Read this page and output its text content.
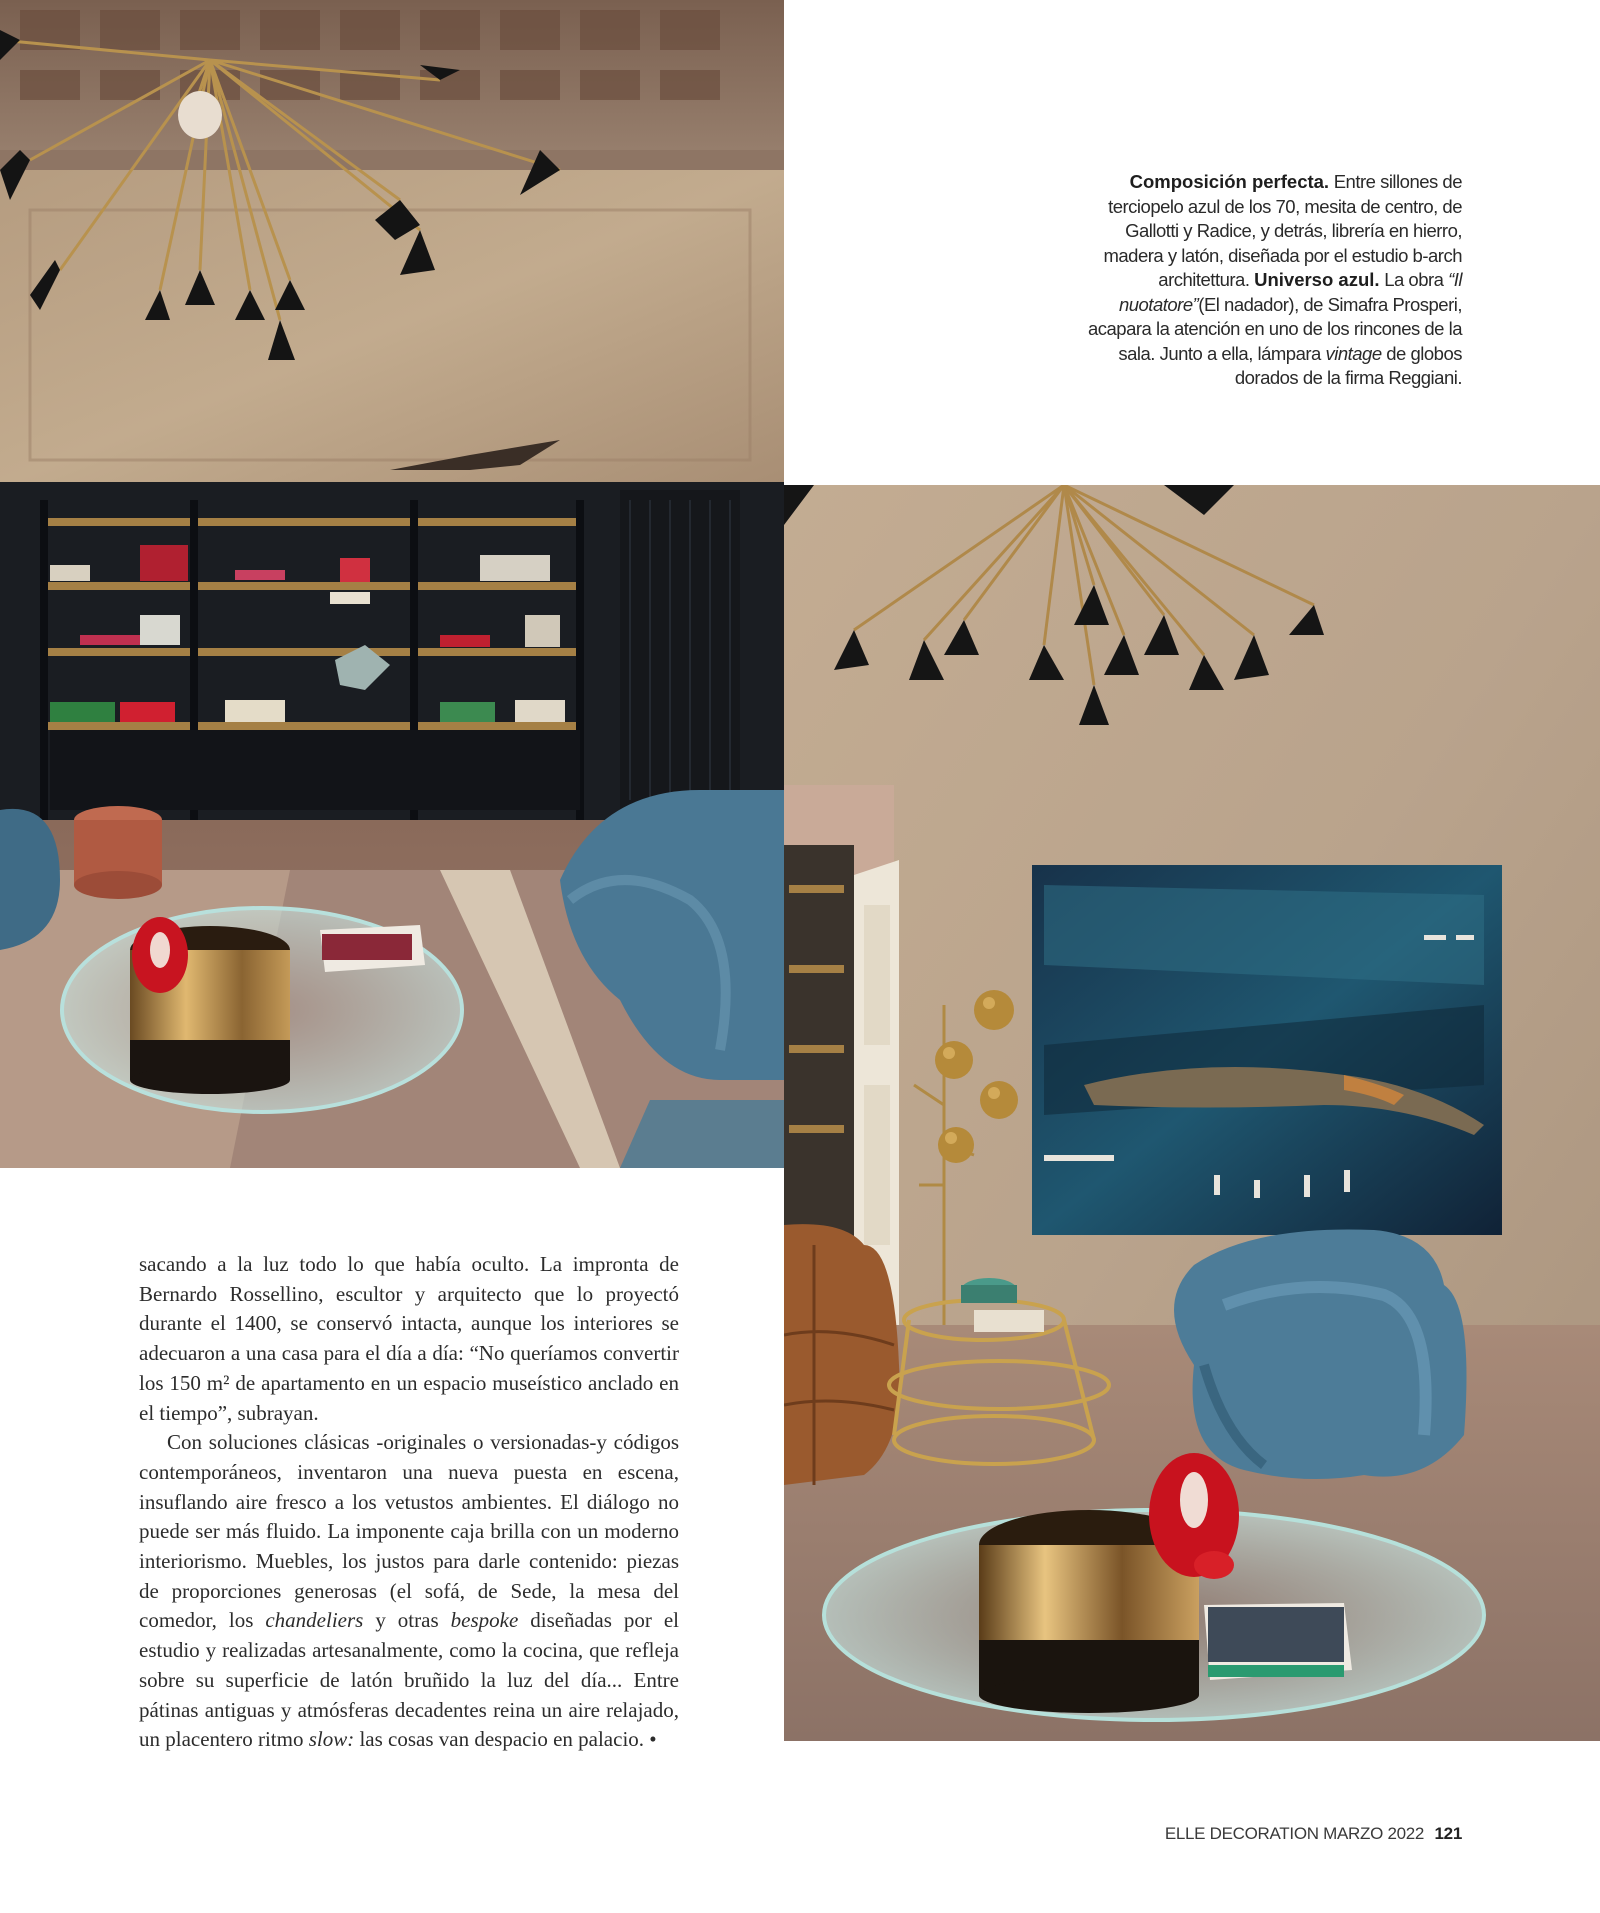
Composición perfecta. Entre sillones de terciopelo azul de los 70, mesita de centro, de Gallotti y Radice, y detrás, librería en hierro, madera y latón, diseñada por el estudio b-arch architettura. Universo azul. La obra “Il nuotatore”(El nadador), de Simafra Prosperi, acapara la atención en uno de los rincones de la sala. Junto a ella, lámpara vintage de globos dorados de la firma Reggiani.

sacando a la luz todo lo que había oculto. La impronta de Bernardo Rossellino, escultor y arquitecto que lo proyectó durante el 1400, se conservó intacta, aunque los interiores se adecuaron a una casa para el día a día: “No queríamos convertir los 150 m² de apartamento en un espacio museístico anclado en el tiempo”, subrayan.

Con soluciones clásicas -originales o versionadas-y códigos contemporáneos, inventaron una nueva puesta en escena, insuflando aire fresco a los vetustos ambientes. El diálogo no puede ser más fluido. La imponente caja brilla con un moderno interiorismo. Muebles, los justos para darle contenido: piezas de proporciones generosas (el sofá, de Sede, la mesa del comedor, los chandeliers y otras bespoke diseñadas por el estudio y realizadas artesanalmente, como la cocina, que refleja sobre su superficie de latón bruñido la luz del día... Entre pátinas antiguas y atmósferas decadentes reina un aire relajado, un placentero ritmo slow: las cosas van despacio en palacio. •

ELLE DECORATION MARZO 2022 121
